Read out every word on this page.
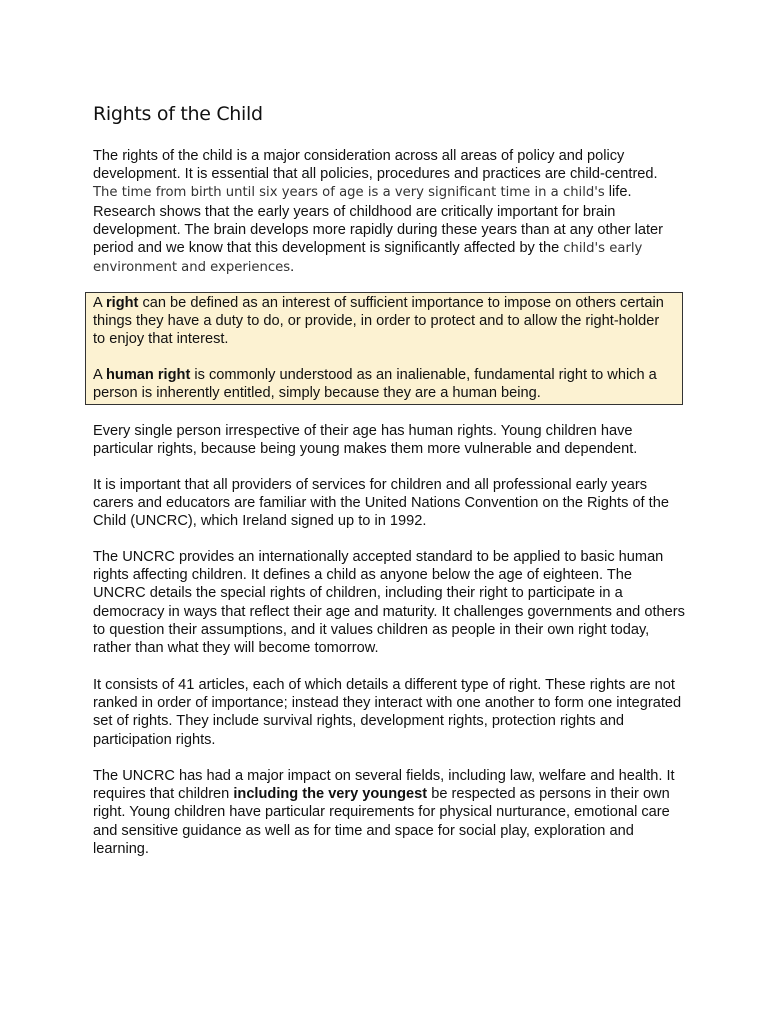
Rights of the Child

The rights of the child is a major consideration across all areas of policy and policy development. It is essential that all policies, procedures and practices are child-centred. The time from birth until six years of age is a very significant time in a child's life. Research shows that the early years of childhood are critically important for brain development. The brain develops more rapidly during these years than at any other later period and we know that this development is significantly affected by the child's early environment and experiences.

A right can be defined as an interest of sufficient importance to impose on others certain things they have a duty to do, or provide, in order to protect and to allow the right-holder to enjoy that interest.

A human right is commonly understood as an inalienable, fundamental right to which a person is inherently entitled, simply because they are a human being.

Every single person irrespective of their age has human rights. Young children have particular rights, because being young makes them more vulnerable and dependent.

It is important that all providers of services for children and all professional early years carers and educators are familiar with the United Nations Convention on the Rights of the Child (UNCRC), which Ireland signed up to in 1992.

The UNCRC provides an internationally accepted standard to be applied to basic human rights affecting children. It defines a child as anyone below the age of eighteen. The UNCRC details the special rights of children, including their right to participate in a democracy in ways that reflect their age and maturity. It challenges governments and others to question their assumptions, and it values children as people in their own right today, rather than what they will become tomorrow.

It consists of 41 articles, each of which details a different type of right. These rights are not ranked in order of importance; instead they interact with one another to form one integrated set of rights. They include survival rights, development rights, protection rights and participation rights.

The UNCRC has had a major impact on several fields, including law, welfare and health. It requires that children including the very youngest be respected as persons in their own right. Young children have particular requirements for physical nurturance, emotional care and sensitive guidance as well as for time and space for social play, exploration and learning.
